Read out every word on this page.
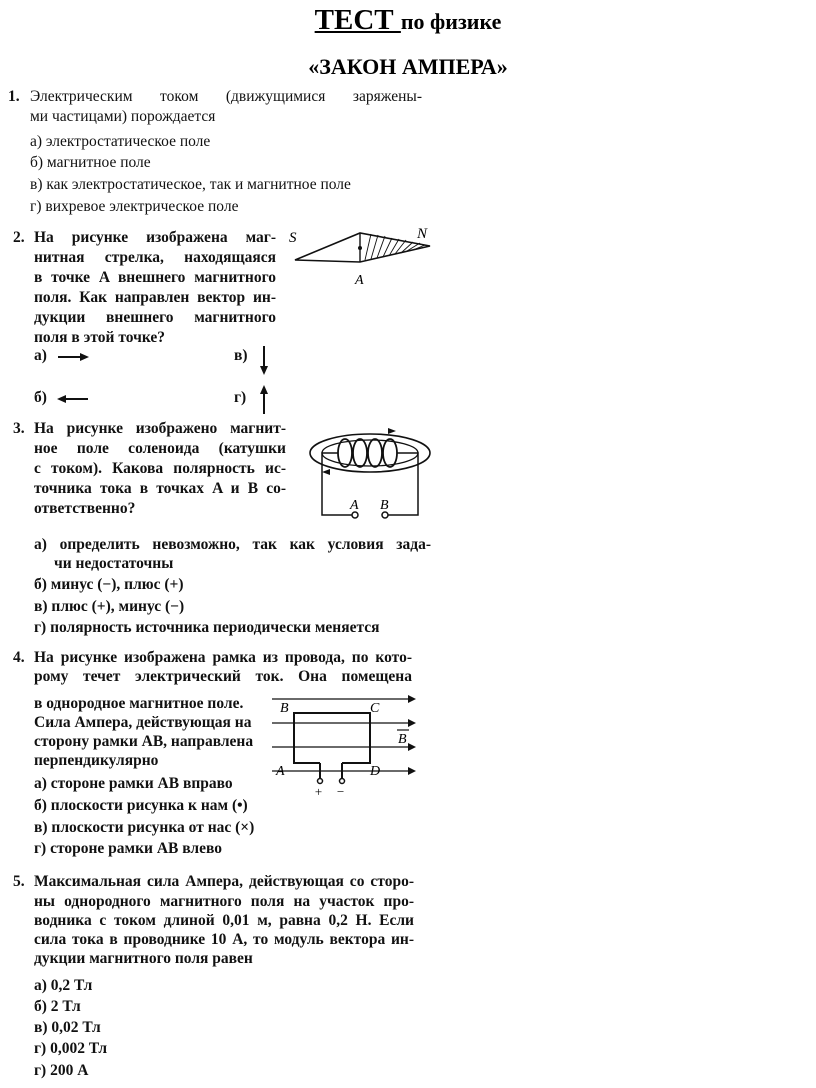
ТЕСТ по физике
«ЗАКОН АМПЕРА»
1. Электрическим током (движущимися заряжены-
ми частицами) порождается
а) электростатическое поле
б) магнитное поле
в) как электростатическое, так и магнитное поле
г) вихревое электрическое поле
2. На рисунке изображена маг-
нитная стрелка, находящаяся
в точке A внешнего магнитного
поля. Как направлен вектор ин-
дукции внешнего магнитного
поля в этой точке?
S	N
A
а)
б)
в)
г)
3. На рисунке изображено магнит-
ное поле соленоида (катушки
с током). Какова полярность ис-
точника тока в точках A и B со-
ответственно?	A B
а) определить невозможно, так как условия зада-
чи недостаточны
б) минус (−), плюс (+)
в) плюс (+), минус (−)
г) полярность источника периодически меняется
4. На рисунке изображена рамка из провода, по кото-
рому течет электрический ток. Она помещена
в однородное магнитное поле.
Сила Ампера, действующая на
сторону рамки AB, направлена
перпендикулярно
B	C
A	D
B
+ −
а) стороне рамки AB вправо
б) плоскости рисунка к нам (•)
в) плоскости рисунка от нас (×)
г) стороне рамки AB влево
5. Максимальная сила Ампера, действующая со сторо-
ны однородного магнитного поля на участок про-
водника с током длиной 0,01 м, равна 0,2 Н. Если
сила тока в проводнике 10 А, то модуль вектора ин-
дукции магнитного поля равен
а) 0,2 Тл
б) 2 Тл
в) 0,02 Тл
г) 0,002 Тл
г) 200 А
